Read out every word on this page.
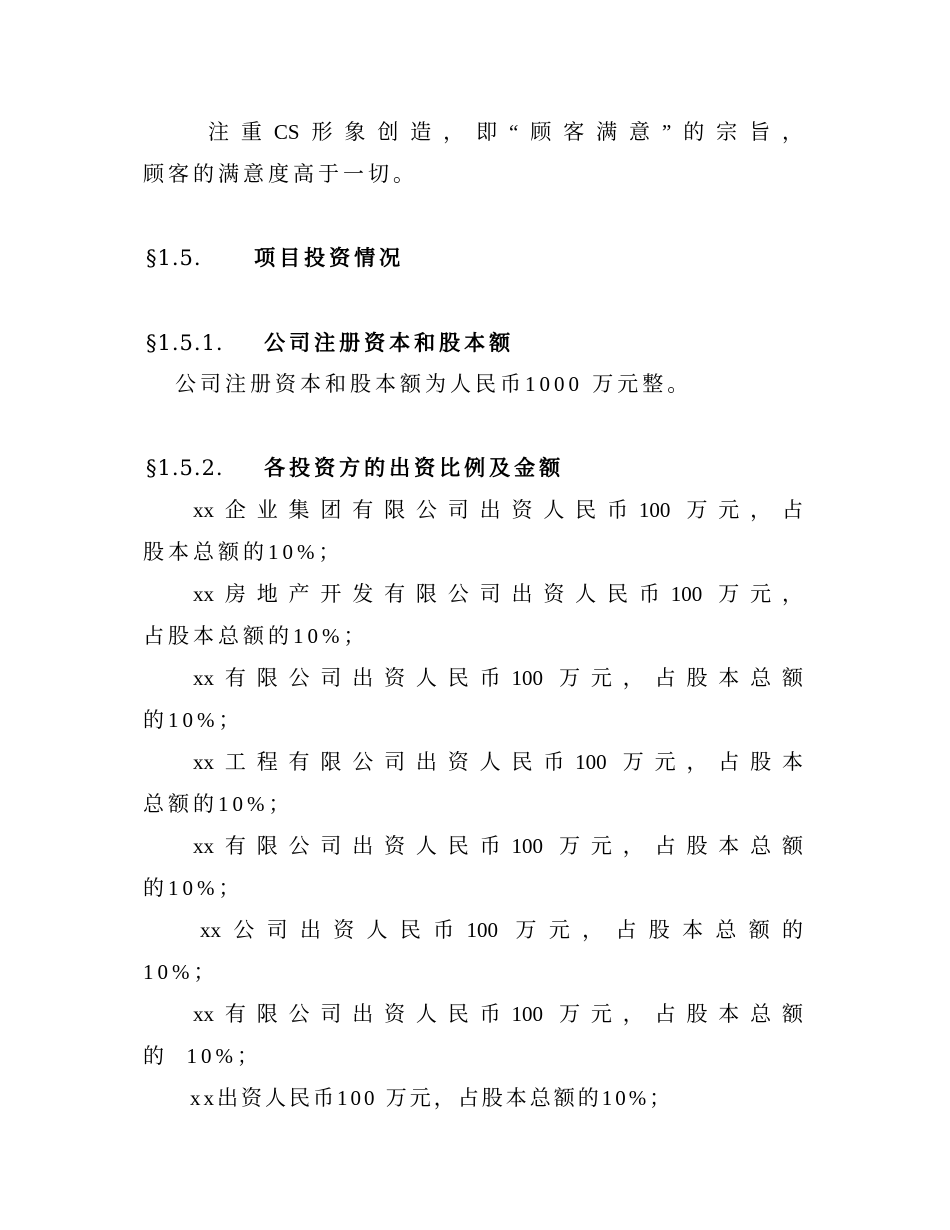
注重CS形象创造，即“顾客满意”的宗旨，
顾客的满意度高于一切。
§1.5.	项目投资情况
§1.5.1. 公司注册资本和股本额
公司注册资本和股本额为人民币1000 万元整。
§1.5.2. 各投资方的出资比例及金额
xx企业集团有限公司出资人民币100 万元，占
股本总额的10%；
xx房地产开发有限公司出资人民币100 万元，
占股本总额的10%；
xx有限公司出资人民币100 万元，占股本总额
的10%；
xx工程有限公司出资人民币100 万元，占股本
总额的10%；
xx有限公司出资人民币100 万元，占股本总额
的10%；
xx公司出资人民币100 万元，占股本总额的
10%；
xx有限公司出资人民币100 万元，占股本总额
的  10%；
xx出资人民币100 万元，占股本总额的10%；
